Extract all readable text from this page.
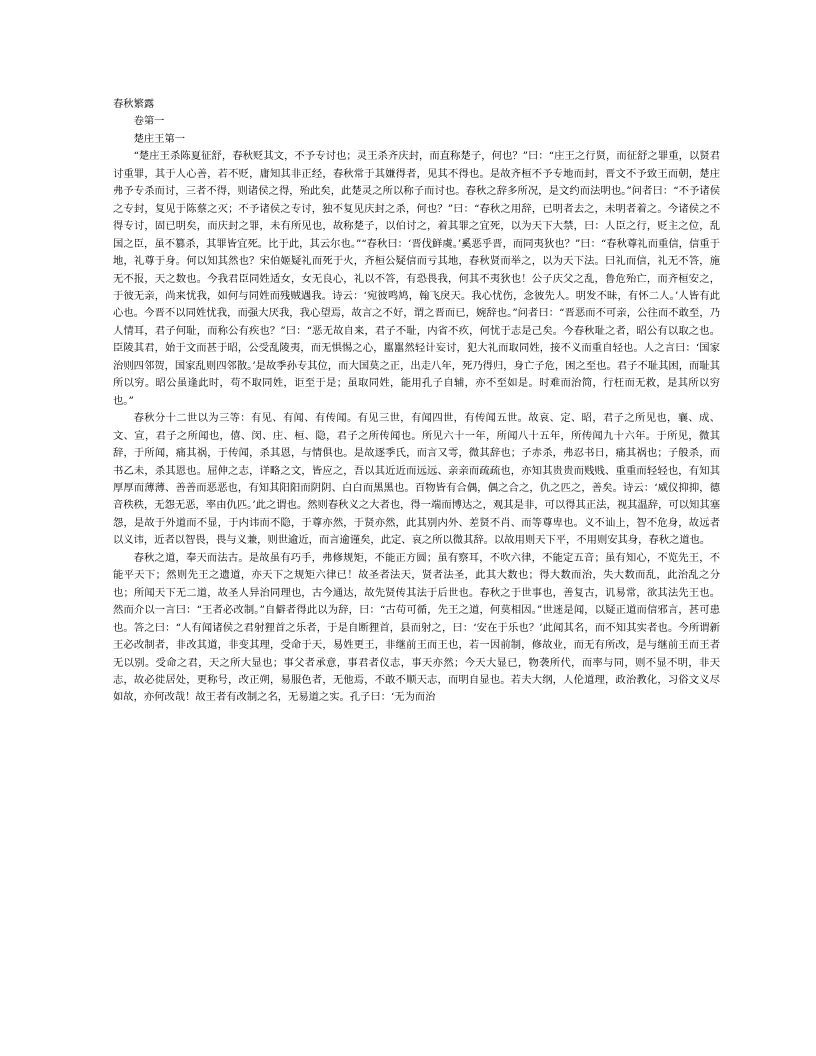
春秋繁露
卷第一
楚庄王第一

“楚庄王杀陈夏征舒，春秋贬其文，不予专讨也；灵王杀齐庆封，而直称楚子，何也？”曰：“庄王之行贤，而征舒之罪重，以贤君讨重罪，其于人心善，若不贬，庸知其非正经，春秋常于其嫌得者，见其不得也。是故齐桓不予专地而封，晋文不予致王而朝，楚庄弗予专杀而讨，三者不得，则诸侯之得，殆此矣，此楚灵之所以称子而讨也。春秋之辞多所况，是文约而法明也。”问者曰：“不予诸侯之专封，复见于陈蔡之灭；不予诸侯之专讨，独不复见庆封之杀，何也？”曰：“春秋之用辞，已明者去之，未明者着之。今诸侯之不得专讨，固已明矣，而庆封之罪，未有所见也，故称楚子，以伯讨之，着其罪之宜死，以为天下大禁，曰：人臣之行，贬主之位，乱国之臣，虽不篡杀，其罪皆宜死。比于此，其云尔也。”“春秋曰：‘晋伐鲜虞。’奚恶乎晋，而同夷狄也？”曰：“春秋尊礼而重信，信重于地，礼尊于身。何以知其然也？宋伯姬疑礼而死于火，齐桓公疑信而亏其地，春秋贤而举之，以为天下法。曰礼而信，礼无不答，施无不报，天之数也。今我君臣同姓适女，女无良心，礼以不答，有恐畏我，何其不夷狄也！公子庆父之乱，鲁危殆亡，而齐桓安之，于彼无亲，尚来忧我，如何与同姓而残贼遇我。诗云：‘宛彼鸣鸠，翰飞戾天。我心忧伤，念彼先人。明发不昧，有怀二人。’人皆有此心也。今晋不以同姓忧我，而强大厌我，我心望焉，故言之不好，谓之晋而已，婉辞也。”问者曰：“晋恶而不可亲，公往而不敢至，乃人情耳，君子何耻，而称公有疾也？”曰：“恶无故自来，君子不耻，内省不疚，何忧于志是己矣。今春秋耻之者，昭公有以取之也。臣陵其君，始于文而甚于昭，公受乱陵夷，而无惧惕之心，嚚嚚然轻计妄讨，犯大礼而取同姓，接不义而重自轻也。人之言曰：‘国家治则四邻贺，国家乱则四邻散。’是故季孙专其位，而大国莫之正，出走八年，死乃得归，身亡子危，困之至也。君子不耻其困，而耻其所以穷。昭公虽逢此时，苟不取同姓，讵至于是；虽取同姓，能用孔子自辅，亦不至如是。时难而治简，行枉而无救，是其所以穷也。”

春秋分十二世以为三等：有见、有闻、有传闻。有见三世，有闻四世，有传闻五世。故哀、定、昭，君子之所见也，襄、成、文、宣，君子之所闻也，僖、闵、庄、桓、隐，君子之所传闻也。所见六十一年，所闻八十五年，所传闻九十六年。于所见，微其辞，于所闻，痛其祸，于传闻，杀其恩，与情俱也。是故逐季氏，而言又雩，微其辞也；子赤杀，弗忍书日，痛其祸也；子般杀，而书乙未，杀其恩也。屈伸之志，详略之文，皆应之，吾以其近近而远远、亲亲而疏疏也，亦知其贵贵而贱贱、重重而轻轻也，有知其厚厚而薄薄、善善而恶恶也，有知其阳阳而阴阴、白白而黑黑也。百物皆有合偶，偶之合之，仇之匹之，善矣。诗云：‘威仪抑抑，德音秩秩，无怨无恶，率由仇匹。’此之谓也。然则春秋义之大者也，得一端而博达之，观其是非，可以得其正法，视其温辞，可以知其塞怨，是故于外道而不显，于内讳而不隐，于尊亦然，于贤亦然，此其别内外、差贤不肖、而等尊卑也。义不讪上，智不危身，故远者以义讳，近者以智畏，畏与义兼，则世逾近，而言逾谨矣，此定、哀之所以微其辞。以故用则天下平，不用则安其身，春秋之道也。

春秋之道，奉天而法古。是故虽有巧手，弗修规矩，不能正方圆；虽有察耳，不吹六律，不能定五音；虽有知心，不览先王，不能平天下；然则先王之遗道，亦天下之规矩六律已！故圣者法天，贤者法圣，此其大数也；得大数而治，失大数而乱，此治乱之分也；所闻天下无二道，故圣人异治同理也，古今通达，故先贤传其法于后世也。春秋之于世事也，善复古，讥易常，欲其法先王也。然而介以一言曰：“王者必改制。”自僻者得此以为辞，曰：“古苟可循，先王之道，何莫相因。”世迷是闻，以疑正道而信邪言，甚可患也。答之曰：“人有闻诸侯之君射狸首之乐者，于是自断狸首，县而射之，曰：‘安在于乐也？’此闻其名，而不知其实者也。今所谓新王必改制者，非改其道，非变其理，受命于天，易姓更王，非继前王而王也，若一因前制，修故业，而无有所改，是与继前王而王者无以别。受命之君，天之所大显也；事父者承意，事君者仪志，事天亦然；今天大显已，物袭所代，而率与同，则不显不明，非天志，故必徙居处，更称号，改正朔，易服色者，无他焉，不敢不顺天志，而明自显也。若夫大纲，人伦道理，政治教化，习俗文义尽如故，亦何改哉！故王者有改制之名，无易道之实。孔子曰：‘无为而治
